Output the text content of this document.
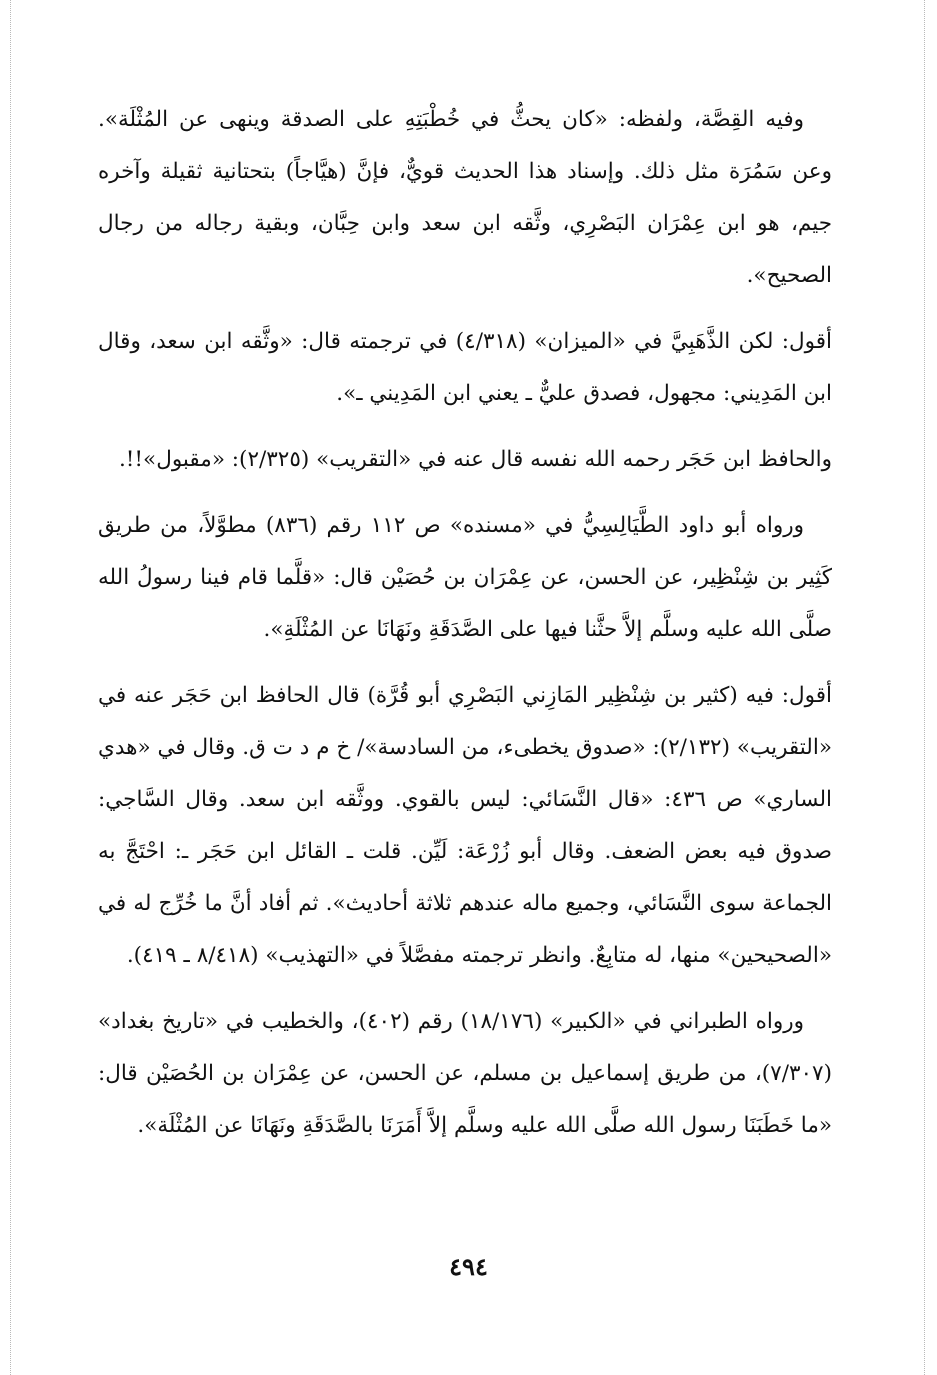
وفيه القِصَّة، ولفظه: «كان يحثُّ في خُطْبَتِهِ على الصدقة وينهى عن المُثْلَة». وعن سَمُرَة مثل ذلك. وإسناد هذا الحديث قويٌّ، فإنَّ (هيَّاجاً) بتحتانية ثقيلة وآخره جيم، هو ابن عِمْرَان البَصْرِي، وثَّقه ابن سعد وابن حِبَّان، وبقية رجاله من رجال الصحيح».

أقول: لكن الذَّهَبِيَّ في «الميزان» (٤/٣١٨) في ترجمته قال: «وثَّقه ابن سعد، وقال ابن المَدِيني: مجهول، فصدق عليٌّ ـ يعني ابن المَدِيني ـ».

والحافظ ابن حَجَر رحمه الله نفسه قال عنه في «التقريب» (٢/٣٢٥): «مقبول»!!.

ورواه أبو داود الطَّيَالِسِيُّ في «مسنده» ص ١١٢ رقم (٨٣٦) مطوَّلاً، من طريق كَثِير بن شِنْظِير، عن الحسن، عن عِمْرَان بن حُصَيْن قال: «قلَّما قام فينا رسولُ الله صلَّى الله عليه وسلَّم إلاَّ حثَّنا فيها على الصَّدَقَةِ ونَهَانَا عن المُثْلَةِ».

أقول: فيه (كثير بن شِنْظِير المَازِني البَصْرِي أبو قُرَّة) قال الحافظ ابن حَجَر عنه في «التقريب» (٢/١٣٢): «صدوق يخطىء، من السادسة»/ خ م د ت ق. وقال في «هدي الساري» ص ٤٣٦: «قال النَّسَائي: ليس بالقوي. ووثَّقه ابن سعد. وقال السَّاجي: صدوق فيه بعض الضعف. وقال أبو زُرْعَة: لَيِّن. قلت ـ القائل ابن حَجَر ـ: احْتَجَّ به الجماعة سوى النَّسَائي، وجميع ماله عندهم ثلاثة أحاديث». ثم أفاد أنَّ ما خُرِّج له في «الصحيحين» منها، له متابِعٌ. وانظر ترجمته مفصَّلاً في «التهذيب» (٨/٤١٨ ـ ٤١٩).

ورواه الطبراني في «الكبير» (١٨/١٧٦) رقم (٤٠٢)، والخطيب في «تاريخ بغداد» (٧/٣٠٧)، من طريق إسماعيل بن مسلم، عن الحسن، عن عِمْرَان بن الحُصَيْن قال: «ما خَطَبَنَا رسول الله صلَّى الله عليه وسلَّم إلاَّ أَمَرَنَا بالصَّدَقَةِ ونَهَانَا عن المُثْلَة».

٤٩٤
